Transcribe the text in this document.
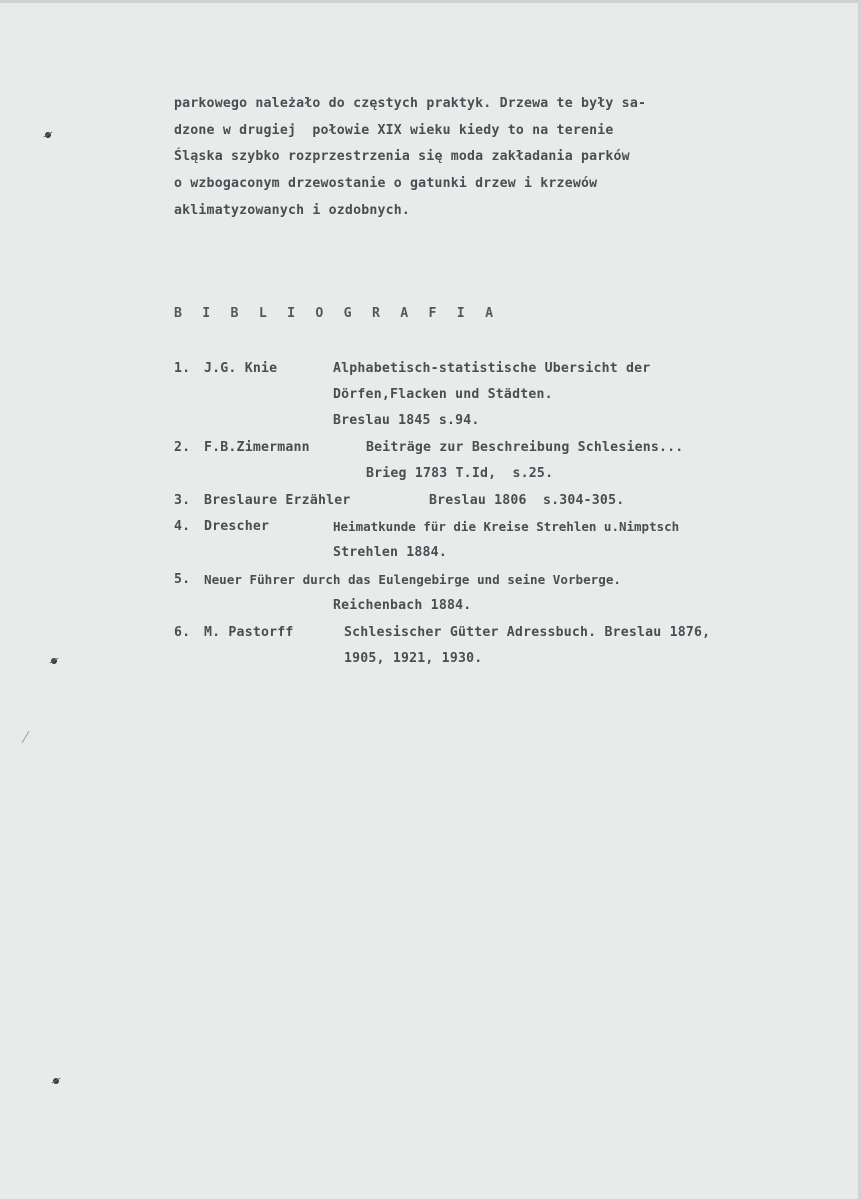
parkowego należało do częstych praktyk. Drzewa te były sa-
dzone w drugiej  połowie XIX wieku kiedy to na terenie
Śląska szybko rozprzestrzenia się moda zakładania parków
o wzbogaconym drzewostanie o gatunki drzew i krzewów
aklimatyzowanych i ozdobnych.
B I B L I O G R A F I A
1. J.G. Knie	Alphabetisch-statistische Ubersicht der
Dörfen,Flacken und Städten.
Breslau 1845 s.94.
2. F.B.Zimermann	Beiträge zur Beschreibung Schlesiens...
Brieg 1783 T.Id,  s.25.
3. Breslaure Erzähler	Breslau 1806  s.304-305.
4. Drescher	Heimatkunde für die Kreise Strehlen u.Nimptsch
Strehlen 1884.
5. Neuer Führer durch das Eulengebirge und seine Vorberge.
Reichenbach 1884.
6. M. Pastorff	Schlesischer Gütter Adressbuch. Breslau 1876,
1905, 1921, 1930.
